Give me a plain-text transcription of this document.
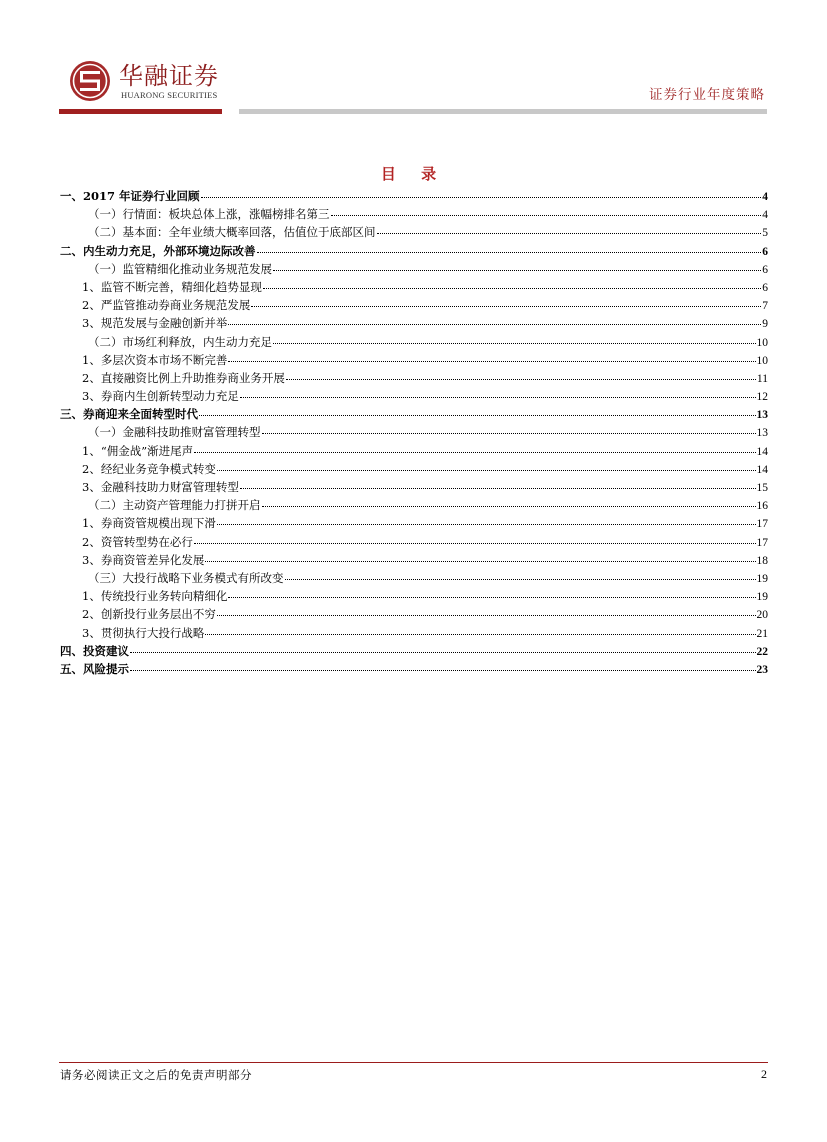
华融证券
HUARONG SECURITIES	证券行业年度策略
目 录
一、2017 年证券行业回顾	4
（一）行情面：板块总体上涨，涨幅榜排名第三	4
（二）基本面：全年业绩大概率回落，估值位于底部区间	5
二、内生动力充足，外部环境边际改善	6
（一）监管精细化推动业务规范发展	6
1、监管不断完善，精细化趋势显现	6
2、严监管推动券商业务规范发展	7
3、规范发展与金融创新并举	9
（二）市场红利释放，内生动力充足	10
1、多层次资本市场不断完善	10
2、直接融资比例上升助推券商业务开展	11
3、券商内生创新转型动力充足	12
三、券商迎来全面转型时代	13
（一）金融科技助推财富管理转型	13
1、“佣金战”渐进尾声	14
2、经纪业务竞争模式转变	14
3、金融科技助力财富管理转型	15
（二）主动资产管理能力打拼开启	16
1、券商资管规模出现下滑	17
2、资管转型势在必行	17
3、券商资管差异化发展	18
（三）大投行战略下业务模式有所改变	19
1、传统投行业务转向精细化	19
2、创新投行业务层出不穷	20
3、贯彻执行大投行战略	21
四、投资建议	22
五、风险提示	23
请务必阅读正文之后的免责声明部分	2
